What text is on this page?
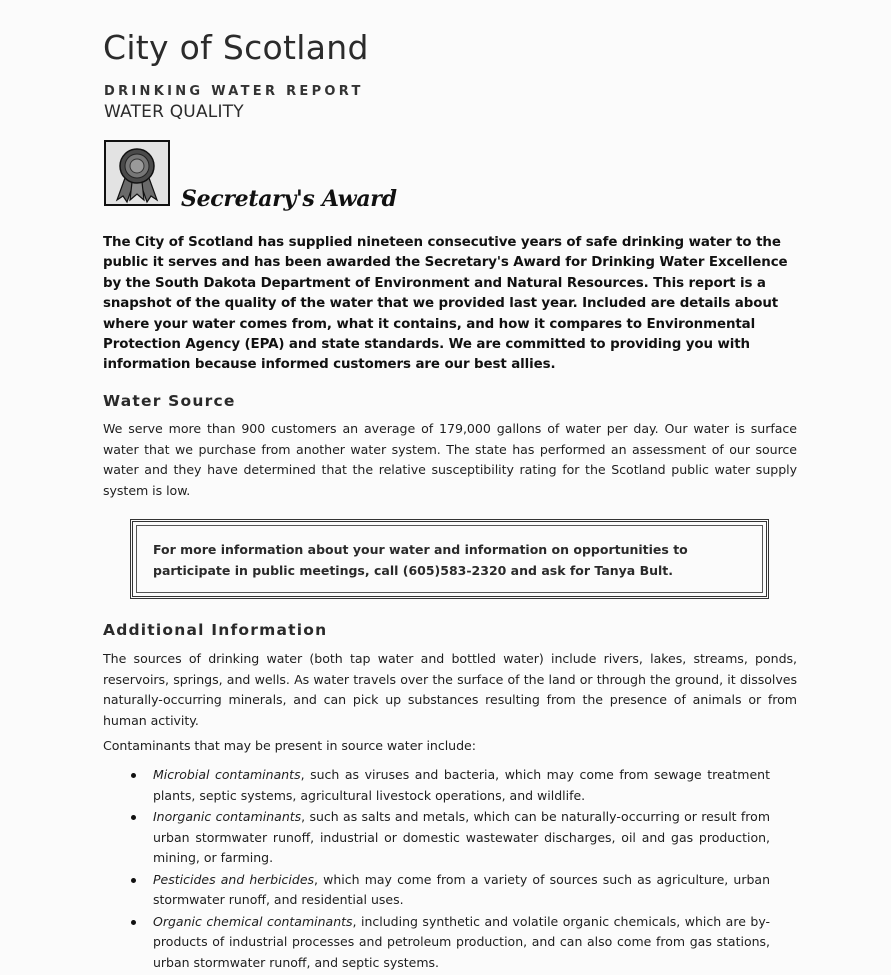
City of Scotland
DRINKING WATER REPORT
WATER QUALITY
Secretary's Award
The City of Scotland has supplied nineteen consecutive years of safe drinking water to the public it serves and has been awarded the Secretary's Award for Drinking Water Excellence by the South Dakota Department of Environment and Natural Resources. This report is a snapshot of the quality of the water that we provided last year. Included are details about where your water comes from, what it contains, and how it compares to Environmental Protection Agency (EPA) and state standards. We are committed to providing you with information because informed customers are our best allies.
Water Source
We serve more than 900 customers an average of 179,000 gallons of water per day. Our water is surface water that we purchase from another water system. The state has performed an assessment of our source water and they have determined that the relative susceptibility rating for the Scotland public water supply system is low.
For more information about your water and information on opportunities to participate in public meetings, call (605)583-2320 and ask for Tanya Bult.
Additional Information
The sources of drinking water (both tap water and bottled water) include rivers, lakes, streams, ponds, reservoirs, springs, and wells. As water travels over the surface of the land or through the ground, it dissolves naturally-occurring minerals, and can pick up substances resulting from the presence of animals or from human activity.
Contaminants that may be present in source water include:
Microbial contaminants, such as viruses and bacteria, which may come from sewage treatment plants, septic systems, agricultural livestock operations, and wildlife.
Inorganic contaminants, such as salts and metals, which can be naturally-occurring or result from urban stormwater runoff, industrial or domestic wastewater discharges, oil and gas production, mining, or farming.
Pesticides and herbicides, which may come from a variety of sources such as agriculture, urban stormwater runoff, and residential uses.
Organic chemical contaminants, including synthetic and volatile organic chemicals, which are by-products of industrial processes and petroleum production, and can also come from gas stations, urban stormwater runoff, and septic systems.
